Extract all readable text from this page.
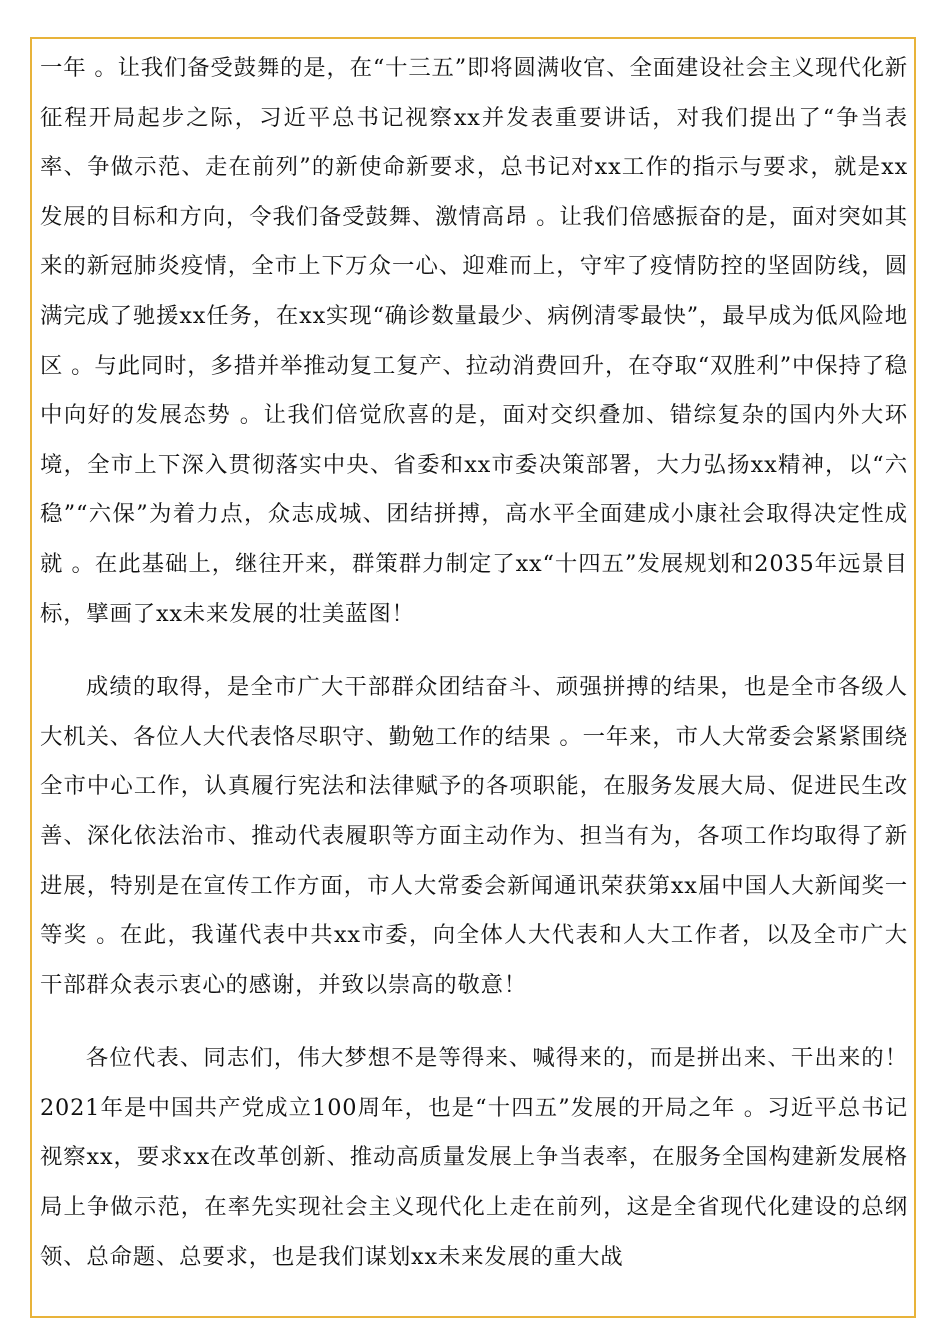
一年 。让我们备受鼓舞的是，在“十三五”即将圆满收官、全面建设社会主义现代化新征程开局起步之际，习近平总书记视察xx并发表重要讲话，对我们提出了“争当表率、争做示范、走在前列”的新使命新要求，总书记对xx工作的指示与要求，就是xx发展的目标和方向，令我们备受鼓舞、激情高昂 。让我们倍感振奋的是，面对突如其来的新冠肺炎疫情，全市上下万众一心、迎难而上，守牢了疫情防控的坚固防线，圆满完成了驰援xx任务，在xx实现“确诊数量最少、病例清零最快”，最早成为低风险地区 。与此同时，多措并举推动复工复产、拉动消费回升，在夺取“双胜利”中保持了稳中向好的发展态势 。让我们倍觉欣喜的是，面对交织叠加、错综复杂的国内外大环境，全市上下深入贯彻落实中央、省委和xx市委决策部署，大力弘扬xx精神，以“六稳”“六保”为着力点，众志成城、团结拼搏，高水平全面建成小康社会取得决定性成就 。在此基础上，继往开来，群策群力制定了xx“十四五”发展规划和2035年远景目标，擘画了xx未来发展的壮美蓝图！

成绩的取得，是全市广大干部群众团结奋斗、顽强拼搏的结果，也是全市各级人大机关、各位人大代表恪尽职守、勤勉工作的结果 。一年来，市人大常委会紧紧围绕全市中心工作，认真履行宪法和法律赋予的各项职能，在服务发展大局、促进民生改善、深化依法治市、推动代表履职等方面主动作为、担当有为，各项工作均取得了新进展，特别是在宣传工作方面，市人大常委会新闻通讯荣获第xx届中国人大新闻奖一等奖 。在此，我谨代表中共xx市委，向全体人大代表和人大工作者，以及全市广大干部群众表示衷心的感谢，并致以崇高的敬意！

各位代表、同志们，伟大梦想不是等得来、喊得来的，而是拼出来、干出来的！2021年是中国共产党成立100周年，也是“十四五”发展的开局之年 。习近平总书记视察xx，要求xx在改革创新、推动高质量发展上争当表率，在服务全国构建新发展格局上争做示范，在率先实现社会主义现代化上走在前列，这是全省现代化建设的总纲领、总命题、总要求，也是我们谋划xx未来发展的重大战
